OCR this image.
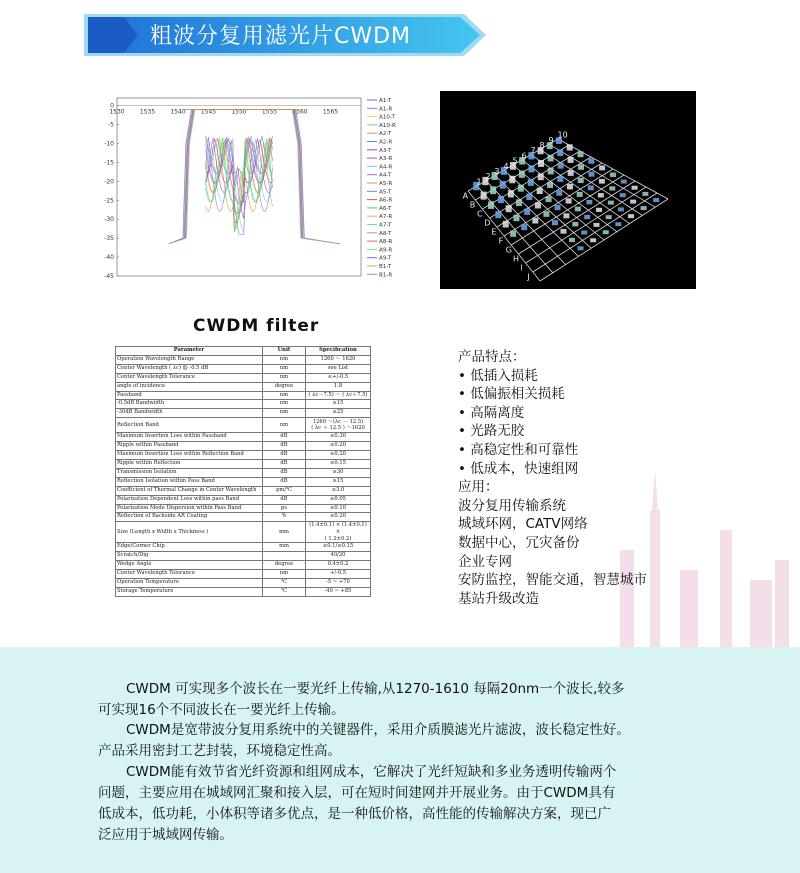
粗波分复用滤光片CWDM
0
-5
-10
-15
-20
-25
-30
-35
-40
-45
1530	1535	1540	1545	1550	1555	1560	1565
A1-T
A1-R
A10-T
A10-R
A2-T
A2-R
A3-T
A3-R
A4-R
A4-T
A5-R
A5-T
A6-R
A6-T
A7-R
A7-T
A8-T
A8-R
A9-R
A9-T
B1-T
B1-R
1
2
3
4
5
6
7
8
9
10
A
B
C
D
E
F
G
H
I
J
CWDM filter
Parameter	Unit	Specification
Operation Wavelength Range	nm	1260 ～ 1620
Center Wavelength ( λc) @ -0.5 dB	nm	see List
Center Wavelength Tolerance	nm	≤+/-0.5
angle of incidence	degree	1.8
Passband	nm	( λc－7.5) ～ ( λc＋7.5)
-0.5dB Bandwidth	nm	≥15
-30dB Bandwidth	nm	≤25
Reflection Band	nm	1260 ～(λc － 12.5)
( λc ＋ 12.5 ) ～1620
Maximum Insertion Loss within Passband	dB	≤0.30
Ripple within Passband	dB	≤0.20
Maximum Insertion Loss within Reflection Band	dB	≤0.20
Ripple within Reflection	dB	≤0.15
Transmission Isolation	dB	≥30
Reflection Isolation within Pass Band	dB	≥15
Coefficient of Thermal Change in Center Wavelength	pm/℃	≤3.0
Polarization Dependent Loss within pass Band	dB	≤0.05
Polarization Mode Dispersion within Pass Band	ps	≤0.10
Reflection of Backside AR Coating	%	≤0.20
Size (Length x Width x Thickness )	mm	(1.4±0.1) × (1.4±0.1) ×
( 1.2±0.2)
Edge/Corner Chip	mm	≤0.1/≤0.15
Scratch/Dig		40/20
Wedge Angle	degree	0.4±0.2
Center Wavelength Tolerance	nm	+/-0.5
Operation Temperature	℃	-5 ~ +70
Storage Temperature	℃	-40 ~ +85
产品特点：
• 低插入损耗
• 低偏振相关损耗
• 高隔离度
• 光路无胶
• 高稳定性和可靠性
• 低成本，快速组网
应用：
波分复用传输系统
城域环网，CATV网络
数据中心，冗灾备份
企业专网
安防监控，智能交通，智慧城市
基站升级改造
CWDM 可实现多个波长在一要光纤上传输,从1270-1610 每隔20nm一个波长,较多
可实现16个不同波长在一要光纤上传输。
CWDM是宽带波分复用系统中的关键器件，采用介质膜滤光片滤波，波长稳定性好。
产品采用密封工艺封装，环境稳定性高。
CWDM能有效节省光纤资源和组网成本，它解决了光纤短缺和多业务透明传输两个
问题，主要应用在城域网汇聚和接入层，可在短时间建网并开展业务。由于CWDM具有
低成本，低功耗，小体积等诸多优点，是一种低价格，高性能的传输解决方案，现已广
泛应用于城域网传输。
